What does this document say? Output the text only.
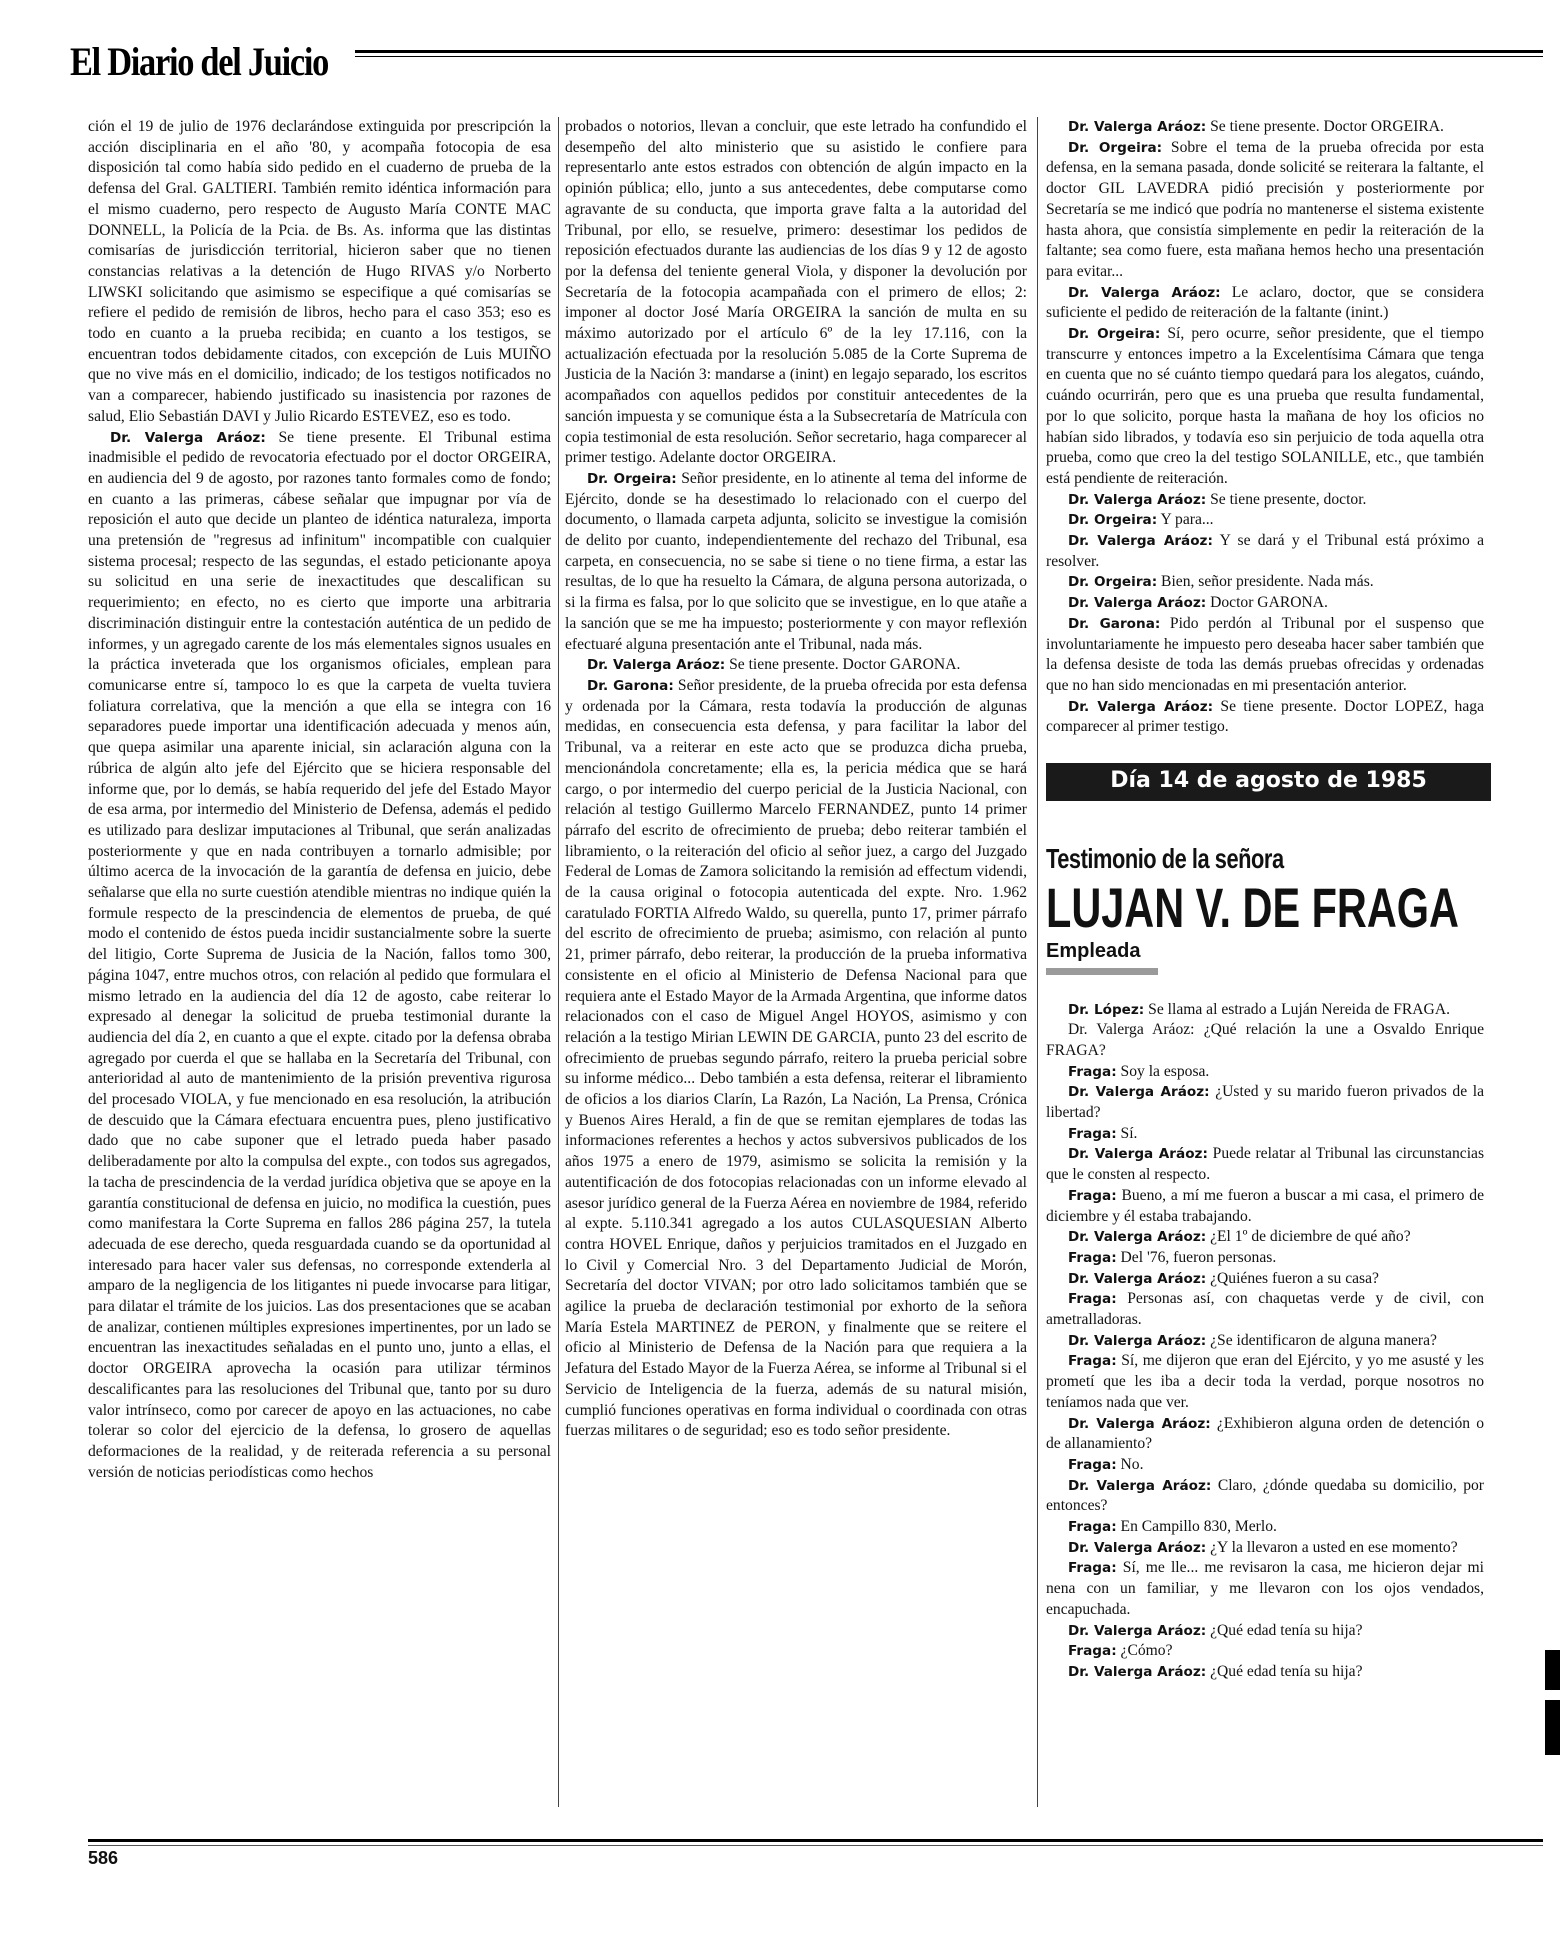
El Diario del Juicio

ción el 19 de julio de 1976 declarándose extinguida por prescripción la acción disciplinaria en el año '80, y acompaña fotocopia de esa disposición tal como había sido pedido en el cuaderno de prueba de la defensa del Gral. GALTIERI. También remito idéntica información para el mismo cuaderno, pero respecto de Augusto María CONTE MAC DONNELL, la Policía de la Pcia. de Bs. As. informa que las distintas comisarías de jurisdicción territorial, hicieron saber que no tienen constancias relativas a la detención de Hugo RIVAS y/o Norberto LIWSKI solicitando que asimismo se especifique a qué comisarías se refiere el pedido de remisión de libros, hecho para el caso 353; eso es todo en cuanto a la prueba recibida; en cuanto a los testigos, se encuentran todos debidamente citados, con excepción de Luis MUIÑO que no vive más en el domicilio, indicado; de los testigos notificados no van a comparecer, habiendo justificado su inasistencia por razones de salud, Elio Sebastián DAVI y Julio Ricardo ESTEVEZ, eso es todo.

Dr. Valerga Aráoz: Se tiene presente. El Tribunal estima inadmisible el pedido de revocatoria efectuado por el doctor ORGEIRA, en audiencia del 9 de agosto, por razones tanto formales como de fondo; en cuanto a las primeras, cábese señalar que impugnar por vía de reposición el auto que decide un planteo de idéntica naturaleza, importa una pretensión de "regresus ad infinitum" incompatible con cualquier sistema procesal; respecto de las segundas, el estado peticionante apoya su solicitud en una serie de inexactitudes que descalifican su requerimiento; en efecto, no es cierto que importe una arbitraria discriminación distinguir entre la contestación auténtica de un pedido de informes, y un agregado carente de los más elementales signos usuales en la práctica inveterada que los organismos oficiales, emplean para comunicarse entre sí, tampoco lo es que la carpeta de vuelta tuviera foliatura correlativa, que la mención a que ella se integra con 16 separadores puede importar una identificación adecuada y menos aún, que quepa asimilar una aparente inicial, sin aclaración alguna con la rúbrica de algún alto jefe del Ejército que se hiciera responsable del informe que, por lo demás, se había requerido del jefe del Estado Mayor de esa arma, por intermedio del Ministerio de Defensa, además el pedido es utilizado para deslizar imputaciones al Tribunal, que serán analizadas posteriormente y que en nada contribuyen a tornarlo admisible; por último acerca de la invocación de la garantía de defensa en juicio, debe señalarse que ella no surte cuestión atendible mientras no indique quién la formule respecto de la prescindencia de elementos de prueba, de qué modo el contenido de éstos pueda incidir sustancialmente sobre la suerte del litigio, Corte Suprema de Jusicia de la Nación, fallos tomo 300, página 1047, entre muchos otros, con relación al pedido que formulara el mismo letrado en la audiencia del día 12 de agosto, cabe reiterar lo expresado al denegar la solicitud de prueba testimonial durante la audiencia del día 2, en cuanto a que el expte. citado por la defensa obraba agregado por cuerda el que se hallaba en la Secretaría del Tribunal, con anterioridad al auto de mantenimiento de la prisión preventiva rigurosa del procesado VIOLA, y fue mencionado en esa resolución, la atribución de descuido que la Cámara efectuara encuentra pues, pleno justificativo dado que no cabe suponer que el letrado pueda haber pasado deliberadamente por alto la compulsa del expte., con todos sus agregados, la tacha de prescindencia de la verdad jurídica objetiva que se apoye en la garantía constitucional de defensa en juicio, no modifica la cuestión, pues como manifestara la Corte Suprema en fallos 286 página 257, la tutela adecuada de ese derecho, queda resguardada cuando se da oportunidad al interesado para hacer valer sus defensas, no corresponde extenderla al amparo de la negligencia de los litigantes ni puede invocarse para litigar, para dilatar el trámite de los juicios. Las dos presentaciones que se acaban de analizar, contienen múltiples expresiones impertinentes, por un lado se encuentran las inexactitudes señaladas en el punto uno, junto a ellas, el doctor ORGEIRA aprovecha la ocasión para utilizar términos descalificantes para las resoluciones del Tribunal que, tanto por su duro valor intrínseco, como por carecer de apoyo en las actuaciones, no cabe tolerar so color del ejercicio de la defensa, lo grosero de aquellas deformaciones de la realidad, y de reiterada referencia a su personal versión de noticias periodísticas como hechos

probados o notorios, llevan a concluir, que este letrado ha confundido el desempeño del alto ministerio que su asistido le confiere para representarlo ante estos estrados con obtención de algún impacto en la opinión pública; ello, junto a sus antecedentes, debe computarse como agravante de su conducta, que importa grave falta a la autoridad del Tribunal, por ello, se resuelve, primero: desestimar los pedidos de reposición efectuados durante las audiencias de los días 9 y 12 de agosto por la defensa del teniente general Viola, y disponer la devolución por Secretaría de la fotocopia acampañada con el primero de ellos; 2: imponer al doctor José María ORGEIRA la sanción de multa en su máximo autorizado por el artículo 6º de la ley 17.116, con la actualización efectuada por la resolución 5.085 de la Corte Suprema de Justicia de la Nación 3: mandarse a (inint) en legajo separado, los escritos acompañados con aquellos pedidos por constituir antecedentes de la sanción impuesta y se comunique ésta a la Subsecretaría de Matrícula con copia testimonial de esta resolución. Señor secretario, haga comparecer al primer testigo. Adelante doctor ORGEIRA.

Dr. Orgeira: Señor presidente, en lo atinente al tema del informe de Ejército, donde se ha desestimado lo relacionado con el cuerpo del documento, o llamada carpeta adjunta, solicito se investigue la comisión de delito por cuanto, independientemente del rechazo del Tribunal, esa carpeta, en consecuencia, no se sabe si tiene o no tiene firma, a estar las resultas, de lo que ha resuelto la Cámara, de alguna persona autorizada, o si la firma es falsa, por lo que solicito que se investigue, en lo que atañe a la sanción que se me ha impuesto; posteriormente y con mayor reflexión efectuaré alguna presentación ante el Tribunal, nada más.

Dr. Valerga Aráoz: Se tiene presente. Doctor GARONA.

Dr. Garona: Señor presidente, de la prueba ofrecida por esta defensa y ordenada por la Cámara, resta todavía la producción de algunas medidas, en consecuencia esta defensa, y para facilitar la labor del Tribunal, va a reiterar en este acto que se produzca dicha prueba, mencionándola concretamente; ella es, la pericia médica que se hará cargo, o por intermedio del cuerpo pericial de la Justicia Nacional, con relación al testigo Guillermo Marcelo FERNANDEZ, punto 14 primer párrafo del escrito de ofrecimiento de prueba; debo reiterar también el libramiento, o la reiteración del oficio al señor juez, a cargo del Juzgado Federal de Lomas de Zamora solicitando la remisión ad effectum videndi, de la causa original o fotocopia autenticada del expte. Nro. 1.962 caratulado FORTIA Alfredo Waldo, su querella, punto 17, primer párrafo del escrito de ofrecimiento de prueba; asimismo, con relación al punto 21, primer párrafo, debo reiterar, la producción de la prueba informativa consistente en el oficio al Ministerio de Defensa Nacional para que requiera ante el Estado Mayor de la Armada Argentina, que informe datos relacionados con el caso de Miguel Angel HOYOS, asimismo y con relación a la testigo Mirian LEWIN DE GARCIA, punto 23 del escrito de ofrecimiento de pruebas segundo párrafo, reitero la prueba pericial sobre su informe médico... Debo también a esta defensa, reiterar el libramiento de oficios a los diarios Clarín, La Razón, La Nación, La Prensa, Crónica y Buenos Aires Herald, a fin de que se remitan ejemplares de todas las informaciones referentes a hechos y actos subversivos publicados de los años 1975 a enero de 1979, asimismo se solicita la remisión y la autentificación de dos fotocopias relacionadas con un informe elevado al asesor jurídico general de la Fuerza Aérea en noviembre de 1984, referido al expte. 5.110.341 agregado a los autos CULASQUESIAN Alberto contra HOVEL Enrique, daños y perjuicios tramitados en el Juzgado en lo Civil y Comercial Nro. 3 del Departamento Judicial de Morón, Secretaría del doctor VIVAN; por otro lado solicitamos también que se agilice la prueba de declaración testimonial por exhorto de la señora María Estela MARTINEZ de PERON, y finalmente que se reitere el oficio al Ministerio de Defensa de la Nación para que requiera a la Jefatura del Estado Mayor de la Fuerza Aérea, se informe al Tribunal si el Servicio de Inteligencia de la fuerza, además de su natural misión, cumplió funciones operativas en forma individual o coordinada con otras fuerzas militares o de seguridad; eso es todo señor presidente.

Dr. Valerga Aráoz: Se tiene presente. Doctor ORGEIRA.

Dr. Orgeira: Sobre el tema de la prueba ofrecida por esta defensa, en la semana pasada, donde solicité se reiterara la faltante, el doctor GIL LAVEDRA pidió precisión y posteriormente por Secretaría se me indicó que podría no mantenerse el sistema existente hasta ahora, que consistía simplemente en pedir la reiteración de la faltante; sea como fuere, esta mañana hemos hecho una presentación para evitar...

Dr. Valerga Aráoz: Le aclaro, doctor, que se considera suficiente el pedido de reiteración de la faltante (inint.)

Dr. Orgeira: Sí, pero ocurre, señor presidente, que el tiempo transcurre y entonces impetro a la Excelentísima Cámara que tenga en cuenta que no sé cuánto tiempo quedará para los alegatos, cuándo, cuándo ocurrirán, pero que es una prueba que resulta fundamental, por lo que solicito, porque hasta la mañana de hoy los oficios no habían sido librados, y todavía eso sin perjuicio de toda aquella otra prueba, como que creo la del testigo SOLANILLE, etc., que también está pendiente de reiteración.

Dr. Valerga Aráoz: Se tiene presente, doctor.

Dr. Orgeira: Y para...

Dr. Valerga Aráoz: Y se dará y el Tribunal está próximo a resolver.

Dr. Orgeira: Bien, señor presidente. Nada más.

Dr. Valerga Aráoz: Doctor GARONA.

Dr. Garona: Pido perdón al Tribunal por el suspenso que involuntariamente he impuesto pero deseaba hacer saber también que la defensa desiste de toda las demás pruebas ofrecidas y ordenadas que no han sido mencionadas en mi presentación anterior.

Dr. Valerga Aráoz: Se tiene presente. Doctor LOPEZ, haga comparecer al primer testigo.

Día 14 de agosto de 1985
Testimonio de la señora
LUJAN V. DE FRAGA
Empleada

Dr. López: Se llama al estrado a Luján Nereida de FRAGA.

Dr. Valerga Aráoz: ¿Qué relación la une a Osvaldo Enrique FRAGA?

Fraga: Soy la esposa.

Dr. Valerga Aráoz: ¿Usted y su marido fueron privados de la libertad?

Fraga: Sí.

Dr. Valerga Aráoz: Puede relatar al Tribunal las circunstancias que le consten al respecto.

Fraga: Bueno, a mí me fueron a buscar a mi casa, el primero de diciembre y él estaba trabajando.

Dr. Valerga Aráoz: ¿El 1º de diciembre de qué año?

Fraga: Del '76, fueron personas.

Dr. Valerga Aráoz: ¿Quiénes fueron a su casa?

Fraga: Personas así, con chaquetas verde y de civil, con ametralladoras.

Dr. Valerga Aráoz: ¿Se identificaron de alguna manera?

Fraga: Sí, me dijeron que eran del Ejército, y yo me asusté y les prometí que les iba a decir toda la verdad, porque nosotros no teníamos nada que ver.

Dr. Valerga Aráoz: ¿Exhibieron alguna orden de detención o de allanamiento?

Fraga: No.

Dr. Valerga Aráoz: Claro, ¿dónde quedaba su domicilio, por entonces?

Fraga: En Campillo 830, Merlo.

Dr. Valerga Aráoz: ¿Y la llevaron a usted en ese momento?

Fraga: Sí, me lle... me revisaron la casa, me hicieron dejar mi nena con un familiar, y me llevaron con los ojos vendados, encapuchada.

Dr. Valerga Aráoz: ¿Qué edad tenía su hija?

Fraga: ¿Cómo?

Dr. Valerga Aráoz: ¿Qué edad tenía su hija?

586
